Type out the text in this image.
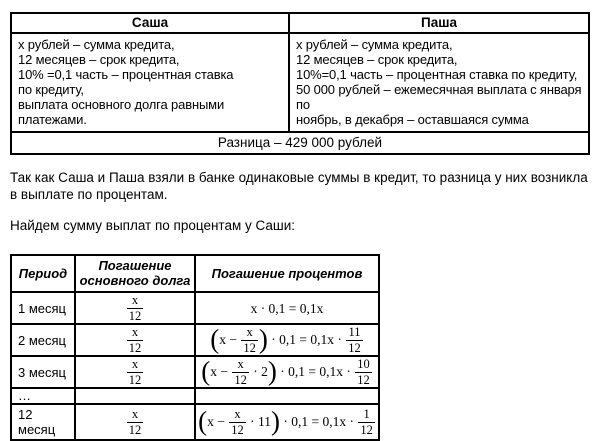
Саша	Паша

х рублей – сумма кредита,
12 месяцев – срок кредита,
10% =0,1 часть – процентная ставка
по кредиту,
выплата основного долга равными
платежами.

х рублей – сумма кредита,
12 месяцев – срок кредита,
10%=0,1 часть – процентная ставка по кредиту,
50 000 рублей – ежемесячная выплата с января по
ноябрь, в декабря – оставшаяся сумма

Разница – 429 000 рублей	

Так как Саша и Паша взяли в банке одинаковые суммы в кредит, то разница у них возникла в выплате по процентам.

Найдем сумму выплат по процентам у Саши:

Период	Погашение основного долга	Погашение процентов
1 месяц	$\frac{x}{12}$	x · 0,1 = 0,1x
2 месяц	$\frac{x}{12}$	($x - \frac{x}{12}$ ) · $0,1 = 0,1x \cdot \frac{11}{12}$

3 месяц	$\frac{x}{12}$	$(x - \frac{x}{12} \cdot 2) \cdot 0,1 = 0,1x \cdot \frac{10}{12}$

…		
12 месяц	$\frac{x}{12}$	$(x - \frac{x}{12} \cdot 11) \cdot 0,1 = 0,1x \cdot \frac{1}{12}$
